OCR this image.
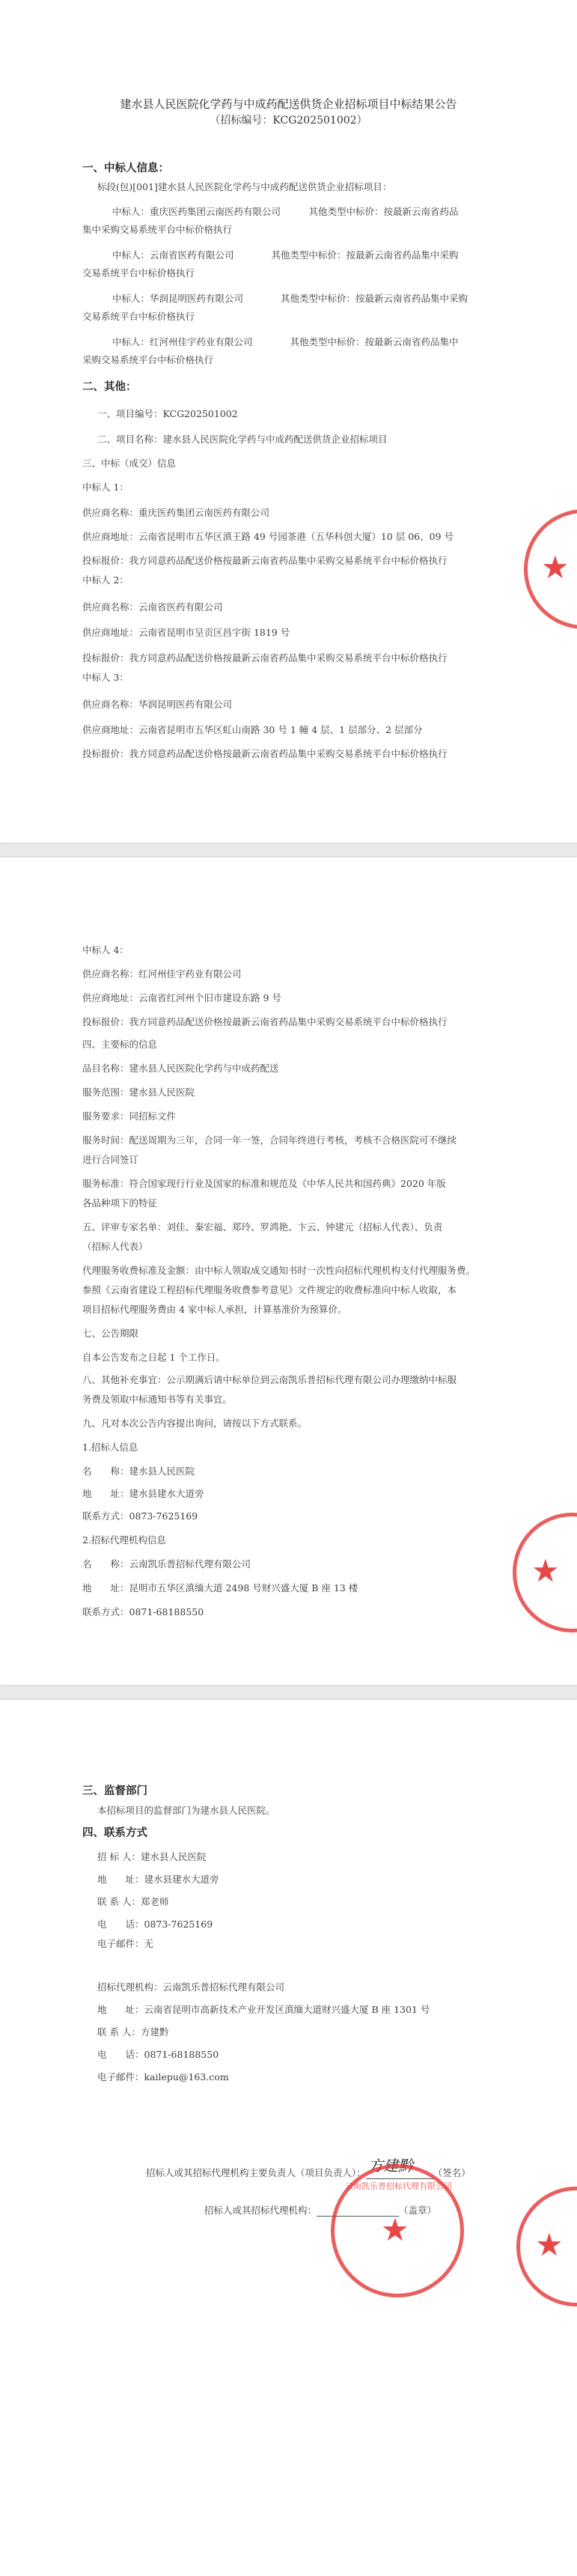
建水县人民医院化学药与中成药配送供货企业招标项目中标结果公告
（招标编号：KCG202501002）
一、中标人信息：
标段(包)[001]建水县人民医院化学药与中成药配送供货企业招标项目：
中标人：重庆医药集团云南医药有限公司　　　其他类型中标价：按最新云南省药品
集中采购交易系统平台中标价格执行
中标人：云南省医药有限公司　　　　其他类型中标价：按最新云南省药品集中采购
交易系统平台中标价格执行
中标人：华润昆明医药有限公司　　　　其他类型中标价：按最新云南省药品集中采购
交易系统平台中标价格执行
中标人：红河州佳宇药业有限公司　　　　其他类型中标价：按最新云南省药品集中
采购交易系统平台中标价格执行
二、其他：
一、项目编号：KCG202501002
二、项目名称：建水县人民医院化学药与中成药配送供货企业招标项目
三、中标（成交）信息
中标人 1：
供应商名称：重庆医药集团云南医药有限公司
供应商地址：云南省昆明市五华区滇王路 49 号园茶港（五华科创大厦）10 层 06、09 号
投标报价：我方同意药品配送价格按最新云南省药品集中采购交易系统平台中标价格执行
中标人 2：
供应商名称：云南省医药有限公司
供应商地址：云南省昆明市呈贡区昌宇街 1819 号
投标报价：我方同意药品配送价格按最新云南省药品集中采购交易系统平台中标价格执行
中标人 3：
供应商名称：华润昆明医药有限公司
供应商地址：云南省昆明市五华区虹山南路 30 号 1 幢 4 层、1 层部分、2 层部分
投标报价：我方同意药品配送价格按最新云南省药品集中采购交易系统平台中标价格执行
★
中标人 4：
供应商名称：红河州佳宇药业有限公司
供应商地址：云南省红河州个旧市建设东路 9 号
投标报价：我方同意药品配送价格按最新云南省药品集中采购交易系统平台中标价格执行
四、主要标的信息
品目名称：建水县人民医院化学药与中成药配送
服务范围：建水县人民医院
服务要求：同招标文件
服务时间：配送周期为三年，合同一年一签，合同年终进行考核，考核不合格医院可不继续
进行合同签订
服务标准：符合国家现行行业及国家的标准和规范及《中华人民共和国药典》2020 年版
各品种项下的特征
五、评审专家名单：刘佳、秦宏福、郑玲、罗鸿艳、卞云、钟建元（招标人代表）、负责
（招标人代表）
代理服务收费标准及金额：由中标人领取成交通知书时一次性向招标代理机构支付代理服务费。
参照《云南省建设工程招标代理服务收费参考意见》文件规定的收费标准向中标人收取，本
项目招标代理服务费由 4 家中标人承担，计算基准价为预算价。
七、公告期限
自本公告发布之日起 1 个工作日。
八、其他补充事宜：公示期满后请中标单位到云南凯乐普招标代理有限公司办理缴纳中标服
务费及领取中标通知书等有关事宜。
九、凡对本次公告内容提出询问，请按以下方式联系。
1.招标人信息
名　　称：建水县人民医院
地　　址：建水县建水大道旁
联系方式：0873-7625169
2.招标代理机构信息
名　　称：云南凯乐普招标代理有限公司
地　　址：昆明市五华区滇缅大道 2498 号财兴盛大厦 B 座 13 楼
联系方式：0871-68188550
★
三、监督部门
本招标项目的监督部门为建水县人民医院。
四、联系方式
招 标 人：建水县人民医院
地　　址：建水县建水大道旁
联 系 人：郑老师
电　　话：0873-7625169
电子邮件：无
招标代理机构：云南凯乐普招标代理有限公司
地　　址：云南省昆明市高新技术产业开发区滇缅大道财兴盛大厦 B 座 1301 号
联 系 人：方建黔
电　　话：0871-68188550
电子邮件：kailepu@163.com
招标人或其招标代理机构主要负责人（项目负责人）：	（签名）
方建黔
招标人或其招标代理机构：	（盖章）
★
云南凯乐普招标代理有限公司
★
